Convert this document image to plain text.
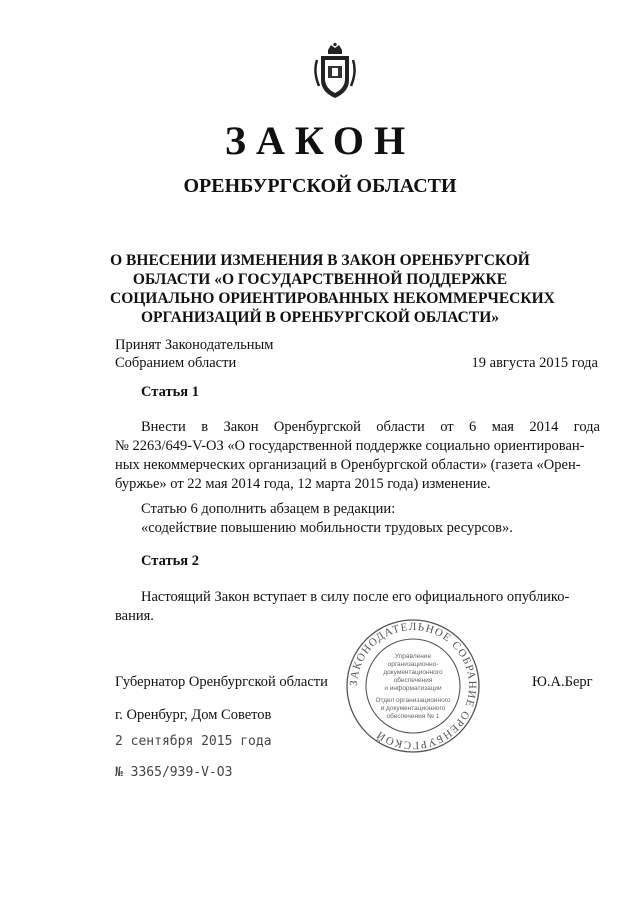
ЗАКОН
ОРЕНБУРГСКОЙ ОБЛАСТИ
О ВНЕСЕНИИ ИЗМЕНЕНИЯ В ЗАКОН ОРЕНБУРГСКОЙ
ОБЛАСТИ «О ГОСУДАРСТВЕННОЙ ПОДДЕРЖКЕ
СОЦИАЛЬНО ОРИЕНТИРОВАННЫХ НЕКОММЕРЧЕСКИХ
ОРГАНИЗАЦИЙ В ОРЕНБУРГСКОЙ ОБЛАСТИ»
Принят Законодательным
Собранием области	19 августа 2015 года
Статья 1
Внести в Закон Оренбургской области от 6 мая 2014 года
№ 2263/649-V-ОЗ «О государственной поддержке социально ориентирован-
ных некоммерческих организаций в Оренбургской области» (газета «Орен-
буржье» от 22 мая 2014 года, 12 марта 2015 года) изменение.
Статью 6 дополнить абзацем в редакции:
«содействие повышению мобильности трудовых ресурсов».
Статья 2
Настоящий Закон вступает в силу после его официального опублико-
вания.
Губернатор Оренбургской области	Ю.А.Берг
г. Оренбург, Дом Советов
2 сентября 2015 года
№ 3365/939-V-ОЗ
ЗАКОНОДАТЕЛЬНОЕ СОБРАНИЕ ОРЕНБУРГСКОЙ
Управление
организационно-
документационного
обеспечения
и информатизации
Отдел организационного
и документационного
обеспечения № 1
